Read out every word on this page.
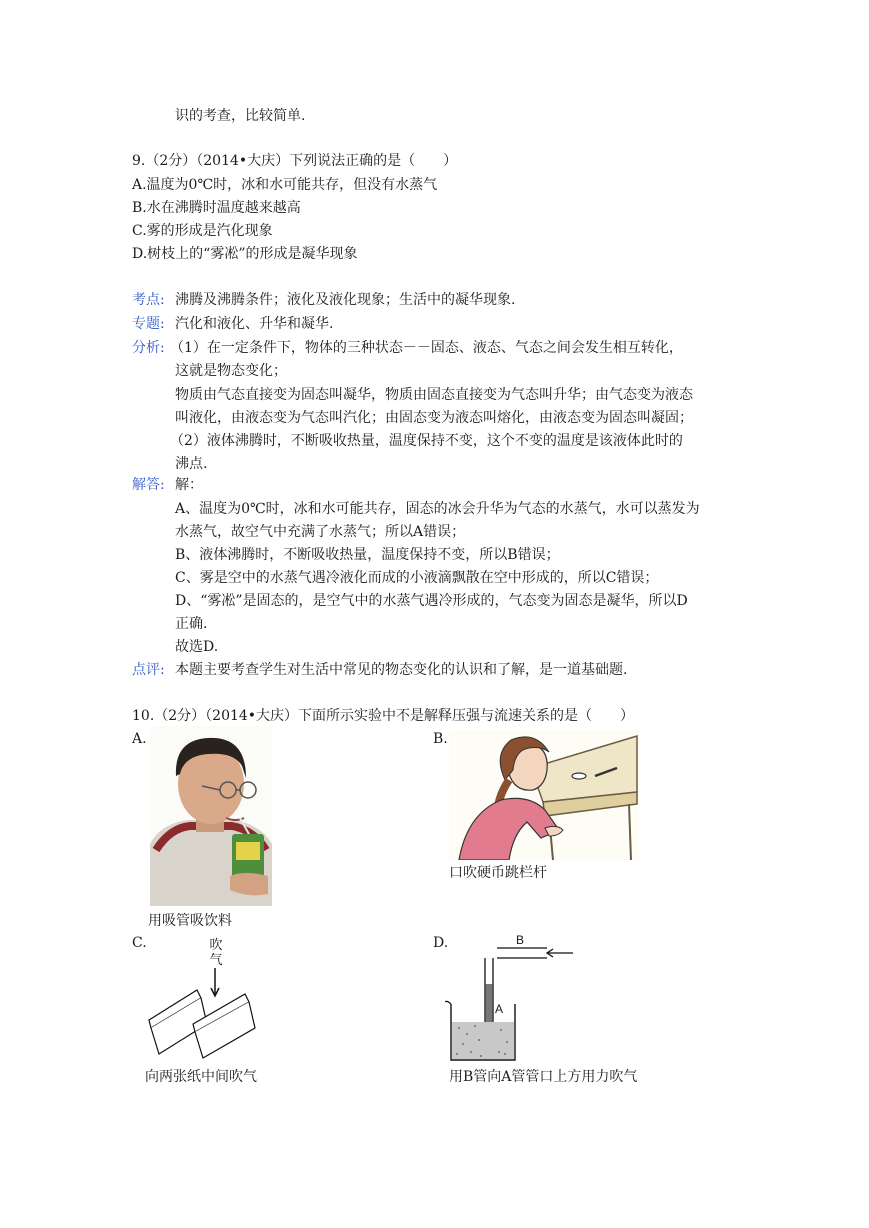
识的考查，比较简单.
9.（2分）（2014•大庆）下列说法正确的是（　　）
A.温度为0℃时，冰和水可能共存，但没有水蒸气
B.水在沸腾时温度越来越高
C.雾的形成是汽化现象
D.树枝上的“雾凇”的形成是凝华现象
考点: 沸腾及沸腾条件；液化及液化现象；生活中的凝华现象.
专题: 汽化和液化、升华和凝华.
分析: （1）在一定条件下，物体的三种状态－－固态、液态、气态之间会发生相互转化，
这就是物态变化；
物质由气态直接变为固态叫凝华，物质由固态直接变为气态叫升华；由气态变为液态
叫液化，由液态变为气态叫汽化；由固态变为液态叫熔化，由液态变为固态叫凝固；
（2）液体沸腾时，不断吸收热量，温度保持不变，这个不变的温度是该液体此时的
沸点.
解答: 解：
A、温度为0℃时，冰和水可能共存，固态的冰会升华为气态的水蒸气，水可以蒸发为
水蒸气，故空气中充满了水蒸气；所以A错误；
B、液体沸腾时，不断吸收热量，温度保持不变，所以B错误；
C、雾是空中的水蒸气遇冷液化而成的小液滴飘散在空中形成的，所以C错误；
D、“雾凇”是固态的，是空气中的水蒸气遇冷形成的，气态变为固态是凝华，所以D
正确.
故选D.
点评: 本题主要考查学生对生活中常见的物态变化的认识和了解，是一道基础题.
10.（2分）（2014•大庆）下面所示实验中不是解释压强与流速关系的是（　　）
A.	B.
用吸管吸饮料
口吹硬币跳栏杆
C.	D.
吹气
向两张纸中间吹气
B
A
用B管向A管管口上方用力吹气
